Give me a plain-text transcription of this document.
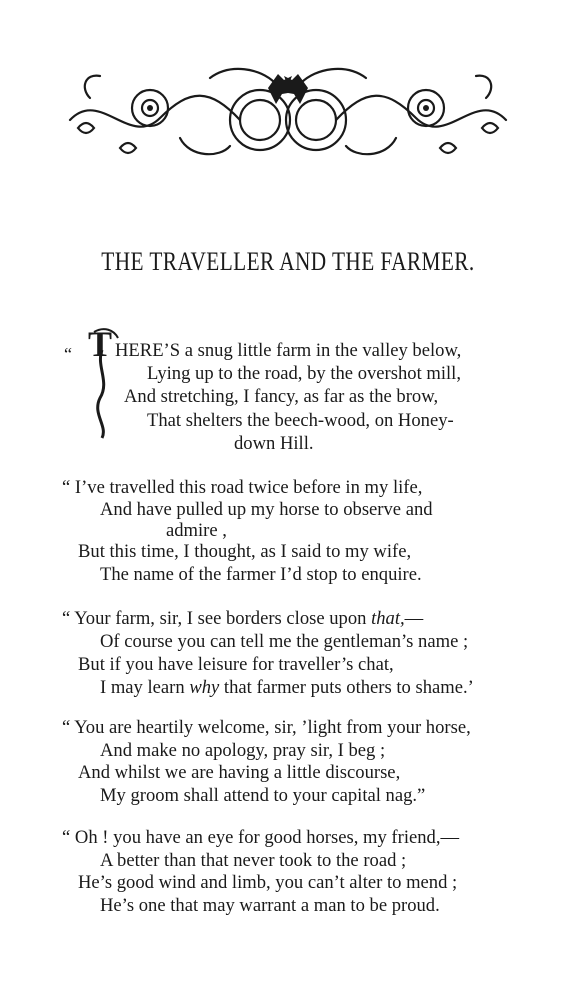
THE TRAVELLER AND THE FARMER.
“ T HERE’S a snug little farm in the valley below,
Lying up to the road, by the overshot mill,
And stretching, I fancy, as far as the brow,
That shelters the beech-wood, on Honey-
down Hill.
“ I’ve travelled this road twice before in my life,
And have pulled up my horse to observe and
admire ,
But this time, I thought, as I said to my wife,
The name of the farmer I’d stop to enquire.
“ Your farm, sir, I see borders close upon that,—
Of course you can tell me the gentleman’s name ;
But if you have leisure for traveller’s chat,
I may learn why that farmer puts others to shame.’
“ You are heartily welcome, sir, ’light from your horse,
And make no apology, pray sir, I beg ;
And whilst we are having a little discourse,
My groom shall attend to your capital nag.”
“ Oh ! you have an eye for good horses, my friend,—
A better than that never took to the road ;
He’s good wind and limb, you can’t alter to mend ;
He’s one that may warrant a man to be proud.
